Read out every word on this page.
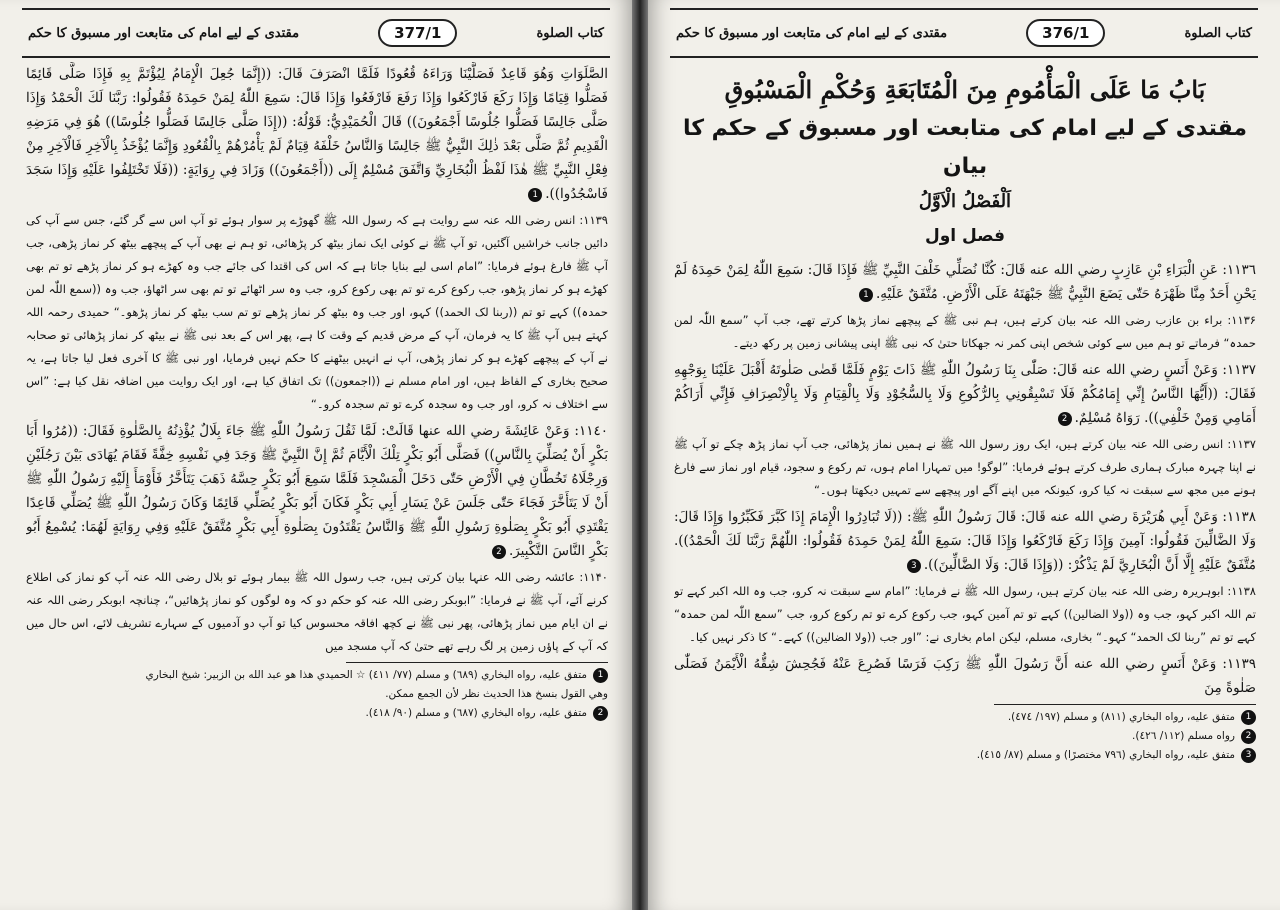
مقتدی کے لیے امام کی متابعت اور مسبوق کا حکم	377/1	كتاب الصلوة

الصَّلَوَاتِ وَهُوَ قَاعِدٌ فَصَلَّيْنَا وَرَاءَهُ قُعُودًا فَلَمَّا انْصَرَفَ قَالَ: ((إِنَّمَا جُعِلَ الْإِمَامُ لِيُؤْتَمَّ بِهِ فَإِذَا صَلَّى قَائِمًا فَصَلُّوا قِيَامًا وَإِذَا رَكَعَ فَارْكَعُوا وَإِذَا رَفَعَ فَارْفَعُوا وَإِذَا قَالَ: سَمِعَ اللّٰهُ لِمَنْ حَمِدَهُ فَقُولُوا: رَبَّنَا لَكَ الْحَمْدُ وَإِذَا صَلَّى جَالِسًا فَصَلُّوا جُلُوسًا أَجْمَعُونَ)) قَالَ الْحُمَيْدِيُّ: قَوْلُهُ: ((إِذَا صَلَّى جَالِسًا فَصَلُّوا جُلُوسًا)) هُوَ فِي مَرَضِهِ الْقَدِيمِ ثُمَّ صَلَّى بَعْدَ ذٰلِكَ النَّبِيُّ ﷺ جَالِسًا وَالنَّاسُ خَلْفَهُ قِيَامٌ لَمْ يَأْمُرْهُمْ بِالْقُعُودِ وَإِنَّمَا يُؤْخَذُ بِالْآخِرِ فَالْآخِرِ مِنْ فِعْلِ النَّبِيِّ ﷺ هٰذَا لَفْظُ الْبُخَارِيِّ وَاتَّفَقَ مُسْلِمٌ إِلَى ((أَجْمَعُونَ)) وَزَادَ فِي رِوَايَةٍ: ((فَلَا تَخْتَلِفُوا عَلَيْهِ وَإِذَا سَجَدَ فَاسْجُدُوا)).1

۱۱۳۹: انس رضی اللہ عنہ سے روایت ہے کہ رسول اللہ ﷺ گھوڑے پر سوار ہوئے تو آپ اس سے گر گئے، جس سے آپ کی دائیں جانب خراشیں آگئیں، تو آپ ﷺ نے کوئی ایک نماز بیٹھ کر پڑھائی، تو ہم نے بھی آپ کے پیچھے بیٹھ کر نماز پڑھی، جب آپ ﷺ فارغ ہوئے فرمایا: ”امام اسی لیے بنایا جاتا ہے کہ اس کی اقتدا کی جائے جب وہ کھڑے ہو کر نماز پڑھے تو تم بھی کھڑے ہو کر نماز پڑھو، جب رکوع کرے تو تم بھی رکوع کرو، جب وہ سر اٹھائے تو تم بھی سر اٹھاؤ، جب وہ ((سمع اللّٰہ لمن حمدہ)) کہے تو تم ((ربنا لک الحمد)) کہو، اور جب وہ بیٹھ کر نماز پڑھے تو تم سب بیٹھ کر نماز پڑھو۔“ حمیدی رحمہ اللہ کہتے ہیں آپ ﷺ کا یہ فرمان، آپ کے مرض قدیم کے وقت کا ہے، پھر اس کے بعد نبی ﷺ نے بیٹھ کر نماز پڑھائی تو صحابہ نے آپ کے پیچھے کھڑے ہو کر نماز پڑھی، آپ نے انہیں بیٹھنے کا حکم نہیں فرمایا، اور نبی ﷺ کا آخری فعل لیا جاتا ہے، یہ صحیح بخاری کے الفاظ ہیں، اور امام مسلم نے ((اجمعون)) تک اتفاق کیا ہے، اور ایک روایت میں اضافہ نقل کیا ہے: ”اس سے اختلاف نہ کرو، اور جب وہ سجدہ کرے تو تم سجدہ کرو۔“

١١٤٠: وَعَنْ عَائِشَةَ رضي الله عنها قَالَتْ: لَمَّا ثَقُلَ رَسُولُ اللّٰهِ ﷺ جَاءَ بِلَالٌ يُؤْذِنُهُ بِالصَّلٰوةِ فَقَالَ: ((مُرُوا أَبَا بَكْرٍ أَنْ يُصَلِّيَ بِالنَّاسِ)) فَصَلَّى أَبُو بَكْرٍ تِلْكَ الْأَيَّامَ ثُمَّ إِنَّ النَّبِيَّ ﷺ وَجَدَ فِي نَفْسِهِ خِفَّةً فَقَامَ يُهَادَى بَيْنَ رَجُلَيْنِ وَرِجْلَاهُ تَخُطَّانِ فِي الْأَرْضِ حَتّٰى دَخَلَ الْمَسْجِدَ فَلَمَّا سَمِعَ أَبُو بَكْرٍ حِسَّهُ ذَهَبَ يَتَأَخَّرُ فَأَوْمَأَ إِلَيْهِ رَسُولُ اللّٰهِ ﷺ أَنْ لَا يَتَأَخَّرَ فَجَاءَ حَتّٰى جَلَسَ عَنْ يَسَارِ أَبِي بَكْرٍ فَكَانَ أَبُو بَكْرٍ يُصَلِّي قَائِمًا وَكَانَ رَسُولُ اللّٰهِ ﷺ يُصَلِّي قَاعِدًا يَقْتَدِي أَبُو بَكْرٍ بِصَلٰوةِ رَسُولِ اللّٰهِ ﷺ وَالنَّاسُ يَقْتَدُونَ بِصَلٰوةِ أَبِي بَكْرٍ مُتَّفَقٌ عَلَيْهِ وَفِي رِوَايَةٍ لَهُمَا: يُسْمِعُ أَبُو بَكْرٍ النَّاسَ التَّكْبِيرَ.2

۱۱۴۰: عائشہ رضی اللہ عنہا بیان کرتی ہیں، جب رسول اللہ ﷺ بیمار ہوئے تو بلال رضی اللہ عنہ آپ کو نماز کی اطلاع کرنے آئے، آپ ﷺ نے فرمایا: ”ابوبکر رضی اللہ عنہ کو حکم دو کہ وہ لوگوں کو نماز پڑھائیں“، چنانچہ ابوبکر رضی اللہ عنہ نے ان ایام میں نماز پڑھائی، پھر نبی ﷺ نے کچھ افاقہ محسوس کیا تو آپ دو آدمیوں کے سہارے تشریف لائے، اس حال میں کہ آپ کے پاؤں زمین پر لگ رہے تھے حتیٰ کہ آپ مسجد میں

1
متفق عليه، رواه البخاري (٦٨٩) و مسلم (٧٧/ ٤١١) ☆ الحميدي هذا هو عبد الله بن الزبير: شيخ البخاري

وهي القول بنسخ هذا الحديث نظر لأن الجمع ممكن.

2
متفق عليه، رواه البخاري (٦٨٧) و مسلم (٩٠/ ٤١٨).

مقتدی کے لیے امام کی متابعت اور مسبوق کا حکم	376/1	كتاب الصلوة

بَابُ مَا عَلَى الْمَأْمُومِ مِنَ الْمُتَابَعَةِ وَحُكْمِ الْمَسْبُوقِ

مقتدی کے لیے امام کی متابعت اور مسبوق کے حکم کا بیان

اَلْفَصْلُ الْاَوَّلُ

فصل اول

١١٣٦: عَنِ الْبَرَاءِ بْنِ عَازِبٍ رضي الله عنه قَالَ: كُنَّا نُصَلِّي خَلْفَ النَّبِيِّ ﷺ فَإِذَا قَالَ: سَمِعَ اللّٰهُ لِمَنْ حَمِدَهُ لَمْ يَحْنِ أَحَدٌ مِنَّا ظَهْرَهُ حَتّٰى يَضَعَ النَّبِيُّ ﷺ جَبْهَتَهُ عَلَى الْأَرْضِ. مُتَّفَقٌ عَلَيْهِ.1

۱۱۳۶: براء بن عازب رضی اللہ عنہ بیان کرتے ہیں، ہم نبی ﷺ کے پیچھے نماز پڑھا کرتے تھے، جب آپ ”سمع اللّٰہ لمن حمدہ“ فرماتے تو ہم میں سے کوئی شخص اپنی کمر نہ جھکاتا حتیٰ کہ نبی ﷺ اپنی پیشانی زمین پر رکھ دیتے۔

١١٣٧: وَعَنْ أَنَسٍ رضي الله عنه قَالَ: صَلّٰى بِنَا رَسُولُ اللّٰهِ ﷺ ذَاتَ يَوْمٍ فَلَمَّا قَضٰى صَلٰوتَهُ أَقْبَلَ عَلَيْنَا بِوَجْهِهِ فَقَالَ: ((أَيُّهَا النَّاسُ إِنِّي إِمَامُكُمْ فَلَا تَسْبِقُونِي بِالرُّكُوعِ وَلَا بِالسُّجُوْدِ وَلَا بِالْقِيَامِ وَلَا بِالْاِنْصِرَافِ فَإِنِّي أَرَاكُمْ أَمَامِي وَمِنْ خَلْفِي)). رَوَاهُ مُسْلِمٌ.2

۱۱۳۷: انس رضی اللہ عنہ بیان کرتے ہیں، ایک روز رسول اللہ ﷺ نے ہمیں نماز پڑھائی، جب آپ نماز پڑھ چکے تو آپ ﷺ نے اپنا چہرہ مبارک ہماری طرف کرتے ہوئے فرمایا: ”لوگو! میں تمہارا امام ہوں، تم رکوع و سجود، قیام اور نماز سے فارغ ہونے میں مجھ سے سبقت نہ کیا کرو، کیونکہ میں اپنے آگے اور پیچھے سے تمہیں دیکھتا ہوں۔“

١١٣٨: وَعَنْ أَبِي هُرَيْرَةَ رضي الله عنه قَالَ: قَالَ رَسُولُ اللّٰهِ ﷺ: ((لَا تُبَادِرُوا الْإِمَامَ إِذَا كَبَّرَ فَكَبِّرُوا وَإِذَا قَالَ: وَلَا الضَّالِّينَ فَقُولُوا: آمِينَ وَإِذَا رَكَعَ فَارْكَعُوا وَإِذَا قَالَ: سَمِعَ اللّٰهُ لِمَنْ حَمِدَهُ فَقُولُوا: اللّٰهُمَّ رَبَّنَا لَكَ الْحَمْدُ)). مُتَّفَقٌ عَلَيْهِ إِلَّا أَنَّ الْبُخَارِيَّ لَمْ يَذْكُرْ: ((وَإِذَا قَالَ: وَلَا الضَّالِّينَ)).3

۱۱۳۸: ابوہریرہ رضی اللہ عنہ بیان کرتے ہیں، رسول اللہ ﷺ نے فرمایا: ”امام سے سبقت نہ کرو، جب وہ اللہ اکبر کہے تو تم اللہ اکبر کہو، جب وہ ((ولا الضالین)) کہے تو تم آمین کہو، جب رکوع کرے تو تم رکوع کرو، جب ”سمع اللّٰہ لمن حمدہ“ کہے تو تم ”ربنا لک الحمد“ کہو۔“ بخاری، مسلم، لیکن امام بخاری نے: ”اور جب ((ولا الضالین)) کہے۔“ کا ذکر نہیں کیا۔

١١٣٩: وَعَنْ أَنَسٍ رضي الله عنه أَنَّ رَسُولَ اللّٰهِ ﷺ رَكِبَ فَرَسًا فَصُرِعَ عَنْهُ فَجُحِشَ شِقُّهُ الْأَيْمَنُ فَصَلّٰى صَلٰوةً مِنَ

1
متفق عليه، رواه البخاري (٨١١) و مسلم (١٩٧/ ٤٧٤).

2
رواه مسلم (١١٢/ ٤٢٦).

3
متفق عليه، رواه البخاري (٧٩٦ مختصرًا) و مسلم (٨٧/ ٤١٥).
